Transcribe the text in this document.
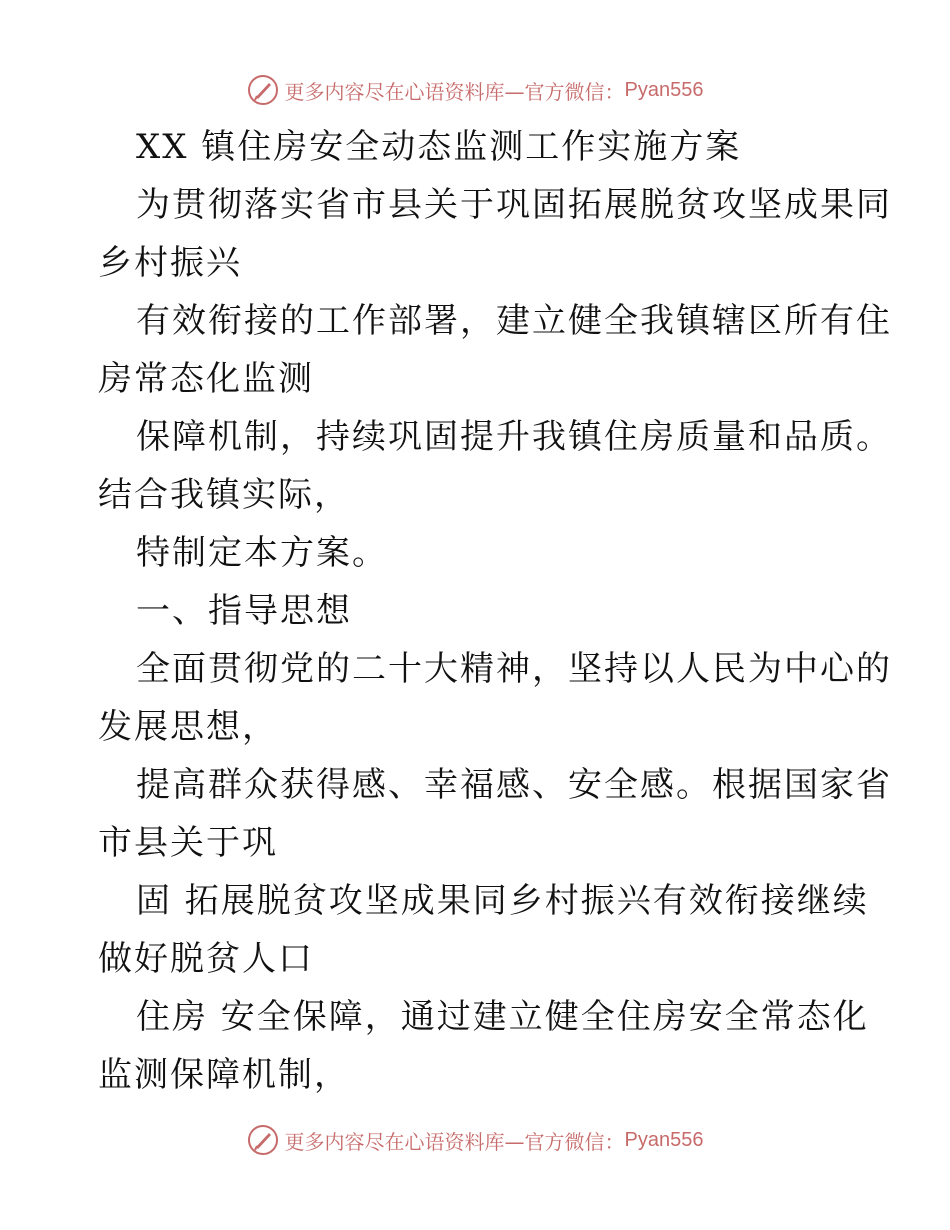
更多内容尽在心语资料库—官方微信： Pyan556
XX 镇住房安全动态监测工作实施方案
为贯彻落实省市县关于巩固拓展脱贫攻坚成果同
乡村振兴
有效衔接的工作部署，建立健全我镇辖区所有住
房常态化监测
保障机制，持续巩固提升我镇住房质量和品质。
结合我镇实际，
特制定本方案。
一、指导思想
全面贯彻党的二十大精神，坚持以人民为中心的
发展思想，
提高群众获得感、幸福感、安全感。根据国家省
市县关于巩
固 拓展脱贫攻坚成果同乡村振兴有效衔接继续
做好脱贫人口
住房 安全保障，通过建立健全住房安全常态化
监测保障机制，
更多内容尽在心语资料库—官方微信： Pyan556
